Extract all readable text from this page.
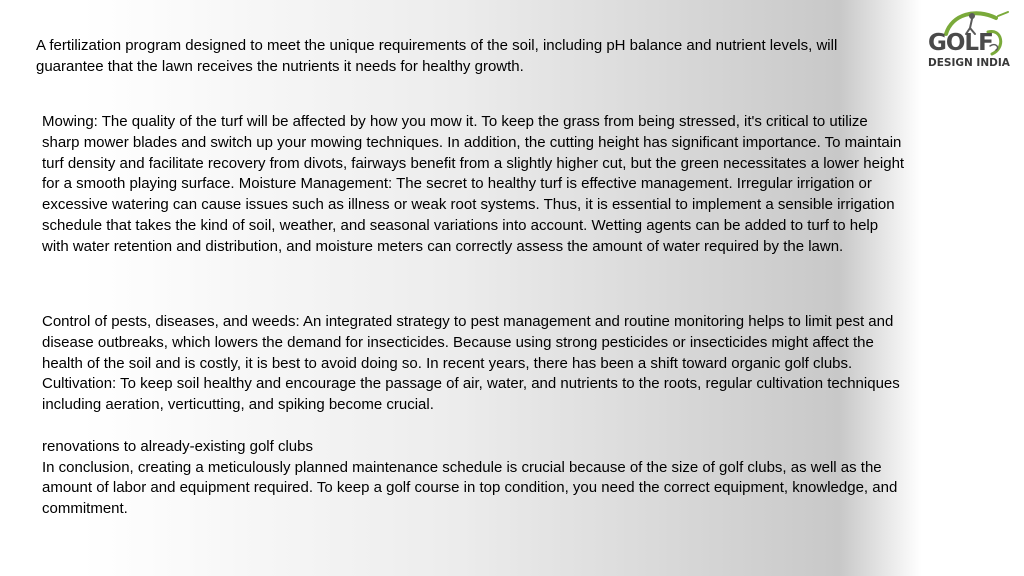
GOLF
DESIGN INDIA

A fertilization program designed to meet the unique requirements of the soil, including pH balance and nutrient levels, will guarantee that the lawn receives the nutrients it needs for healthy growth.

Mowing: The quality of the turf will be affected by how you mow it. To keep the grass from being stressed, it's critical to utilize sharp mower blades and switch up your mowing techniques. In addition, the cutting height has significant importance. To maintain turf density and facilitate recovery from divots, fairways benefit from a slightly higher cut, but the green necessitates a lower height for a smooth playing surface. Moisture Management: The secret to healthy turf is effective management. Irregular irrigation or excessive watering can cause issues such as illness or weak root systems. Thus, it is essential to implement a sensible irrigation schedule that takes the kind of soil, weather, and seasonal variations into account. Wetting agents can be added to turf to help with water retention and distribution, and moisture meters can correctly assess the amount of water required by the lawn.

Control of pests, diseases, and weeds: An integrated strategy to pest management and routine monitoring helps to limit pest and disease outbreaks, which lowers the demand for insecticides. Because using strong pesticides or insecticides might affect the health of the soil and is costly, it is best to avoid doing so. In recent years, there has been a shift toward organic golf clubs.
Cultivation: To keep soil healthy and encourage the passage of air, water, and nutrients to the roots, regular cultivation techniques including aeration, verticutting, and spiking become crucial.

renovations to already-existing golf clubs
In conclusion, creating a meticulously planned maintenance schedule is crucial because of the size of golf clubs, as well as the amount of labor and equipment required. To keep a golf course in top condition, you need the correct equipment, knowledge, and commitment.
